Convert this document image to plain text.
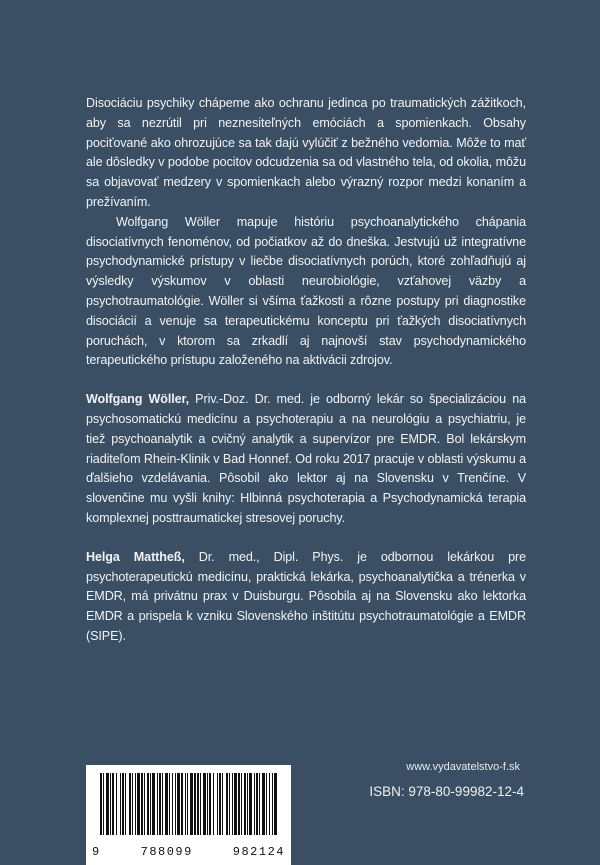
Disociáciu psychiky chápeme ako ochranu jedinca po traumatických zážitkoch, aby sa nezrútil pri neznesiteľných emóciách a spomienkach. Obsahy pociťované ako ohrozujúce sa tak dajú vylúčiť z bežného vedomia. Môže to mať ale dôsledky v podobe pocitov odcudzenia sa od vlastného tela, od okolia, môžu sa objavovať medzery v spomienkach alebo výrazný rozpor medzi konaním a prežívaním.

Wolfgang Wöller mapuje históriu psychoanalytického chápania disociatívnych fenoménov, od počiatkov až do dneška. Jestvujú už integratívne psychodynamické prístupy v liečbe disociatívnych porúch, ktoré zohľadňujú aj výsledky výskumov v oblasti neurobiológie, vzťahovej väzby a psychotraumatológie. Wöller si všíma ťažkosti a rôzne postupy pri diagnostike disociácií a venuje sa terapeutickému konceptu pri ťažkých disociatívnych poruchách, v ktorom sa zrkadlí aj najnovší stav psychodynamického terapeutického prístupu založeného na aktivácii zdrojov.

Wolfgang Wöller, Priv.-Doz. Dr. med. je odborný lekár so špecializáciou na psychosomatickú medicínu a psychoterapiu a na neurológiu a psychiatriu, je tiež psychoanalytik a cvičný analytik a supervízor pre EMDR. Bol lekárskym riaditeľom Rhein-Klinik v Bad Honnef. Od roku 2017 pracuje v oblasti výskumu a ďalšieho vzdelávania. Pôsobil ako lektor aj na Slovensku v Trenčíne. V slovenčine mu vyšli knihy: Hlbinná psychoterapia a Psychodynamická terapia komplexnej posttraumatickej stresovej poruchy.

Helga Mattheß, Dr. med., Dipl. Phys. je odbornou lekárkou pre psychoterapeutickú medicínu, praktická lekárka, psychoanalytička a trénerka v EMDR, má privátnu prax v Duisburgu. Pôsobila aj na Slovensku ako lektorka EMDR a prispela k vzniku Slovenského inštitútu psychotraumatológie a EMDR (SIPE).

9	788099	982124
www.vydavatelstvo-f.sk
ISBN: 978-80-99982-12-4
